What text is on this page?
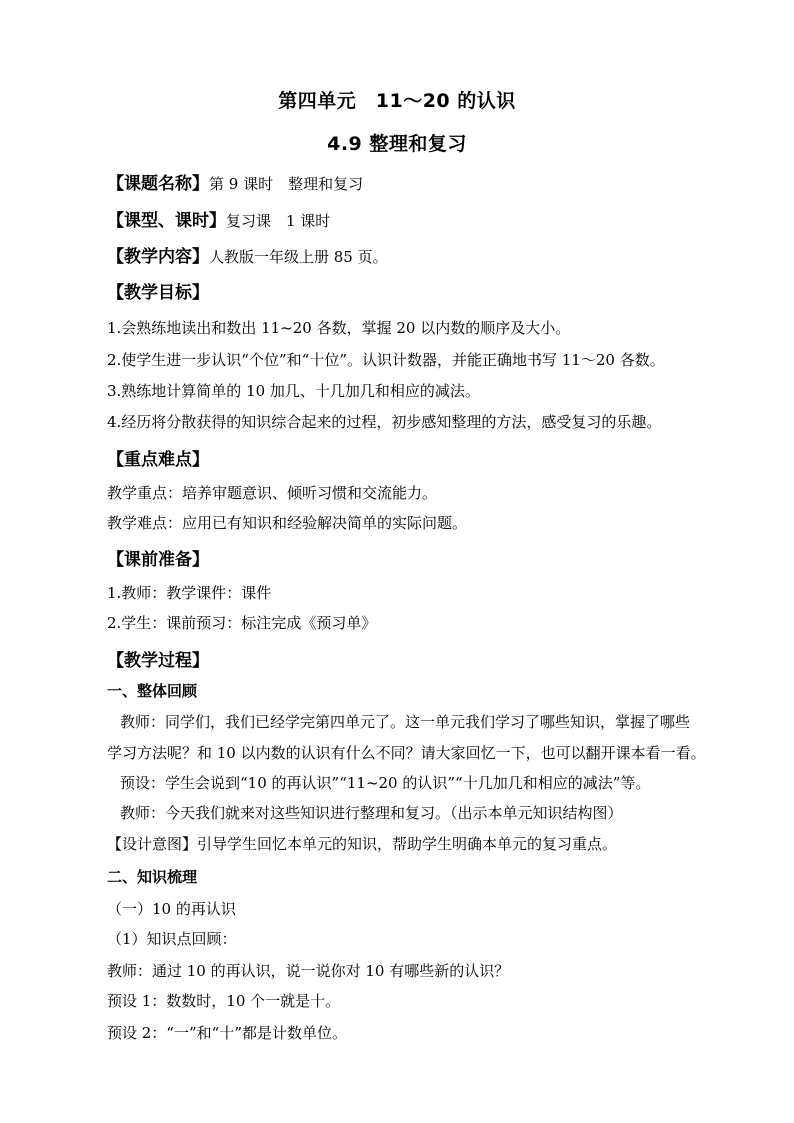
第四单元　11～20 的认识
4.9 整理和复习
【课题名称】第 9 课时　整理和复习
【课型、课时】复习课　1 课时
【教学内容】人教版一年级上册 85 页。
【教学目标】
1.会熟练地读出和数出 11~20 各数，掌握 20 以内数的顺序及大小。
2.使学生进一步认识“个位”和“十位”。认识计数器，并能正确地书写 11～20 各数。
3.熟练地计算简单的 10 加几、十几加几和相应的减法。
4.经历将分散获得的知识综合起来的过程，初步感知整理的方法，感受复习的乐趣。
【重点难点】
教学重点：培养审题意识、倾听习惯和交流能力。
教学难点：应用已有知识和经验解决简单的实际问题。
【课前准备】
1.教师：教学课件：课件
2.学生：课前预习：标注完成《预习单》
【教学过程】
一、整体回顾
教师：同学们，我们已经学完第四单元了。这一单元我们学习了哪些知识，掌握了哪些
学习方法呢？和 10 以内数的认识有什么不同？请大家回忆一下，也可以翻开课本看一看。
预设：学生会说到“10 的再认识”“11~20 的认识”“十几加几和相应的减法”等。
教师：今天我们就来对这些知识进行整理和复习。（出示本单元知识结构图）
【设计意图】引导学生回忆本单元的知识，帮助学生明确本单元的复习重点。
二、知识梳理
（一）10 的再认识
（1）知识点回顾：
教师：通过 10 的再认识，说一说你对 10 有哪些新的认识？
预设 1：数数时，10 个一就是十。
预设 2：“一”和“十”都是计数单位。
